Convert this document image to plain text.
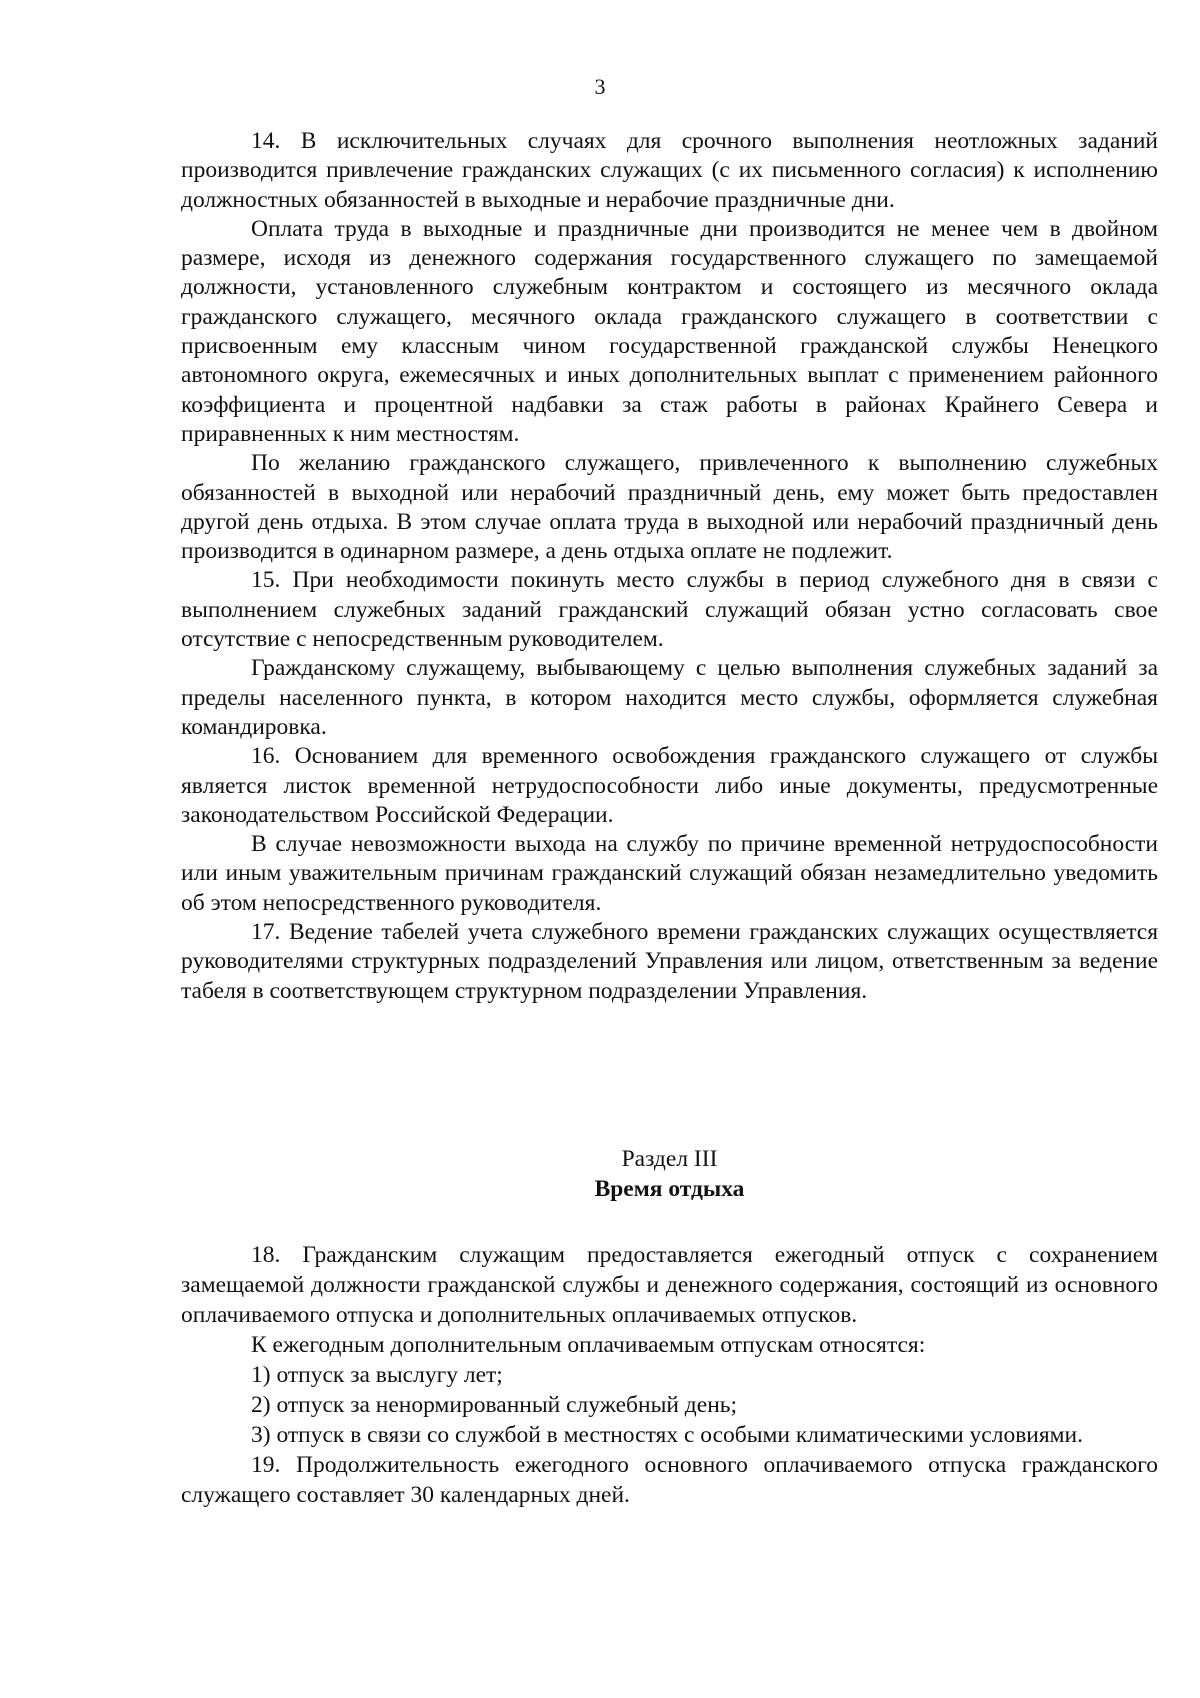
3

14. В исключительных случаях для срочного выполнения неотложных заданий производится привлечение гражданских служащих (с их письменного согласия) к исполнению должностных обязанностей в выходные и нерабочие праздничные дни.

Оплата труда в выходные и праздничные дни производится не менее чем в двойном размере, исходя из денежного содержания государственного служащего по замещаемой должности, установленного служебным контрактом и состоящего из месячного оклада гражданского служащего, месячного оклада гражданского служащего в соответствии с присвоенным ему классным чином государственной гражданской службы Ненецкого автономного округа, ежемесячных и иных дополнительных выплат с применением районного коэффициента и процентной надбавки за стаж работы в районах Крайнего Севера и приравненных к ним местностям.

По желанию гражданского служащего, привлеченного к выполнению служебных обязанностей в выходной или нерабочий праздничный день, ему может быть предоставлен другой день отдыха. В этом случае оплата труда в выходной или нерабочий праздничный день производится в одинарном размере, а день отдыха оплате не подлежит.

15. При необходимости покинуть место службы в период служебного дня в связи с выполнением служебных заданий гражданский служащий обязан устно согласовать свое отсутствие с непосредственным руководителем.

Гражданскому служащему, выбывающему с целью выполнения служебных заданий за пределы населенного пункта, в котором находится место службы, оформляется служебная командировка.

16. Основанием для временного освобождения гражданского служащего от службы является листок временной нетрудоспособности либо иные документы, предусмотренные законодательством Российской Федерации.

В случае невозможности выхода на службу по причине временной нетрудоспособности или иным уважительным причинам гражданский служащий обязан незамедлительно уведомить об этом непосредственного руководителя.

17. Ведение табелей учета служебного времени гражданских служащих осуществляется руководителями структурных подразделений Управления или лицом, ответственным за ведение табеля в соответствующем структурном подразделении Управления.

Раздел III
Время отдыха

18. Гражданским служащим предоставляется ежегодный отпуск с сохранением замещаемой должности гражданской службы и денежного содержания, состоящий из основного оплачиваемого отпуска и дополнительных оплачиваемых отпусков.

К ежегодным дополнительным оплачиваемым отпускам относятся:

1) отпуск за выслугу лет;

2) отпуск за ненормированный служебный день;

3) отпуск в связи со службой в местностях с особыми климатическими условиями.

19. Продолжительность ежегодного основного оплачиваемого отпуска гражданского служащего составляет 30 календарных дней.
